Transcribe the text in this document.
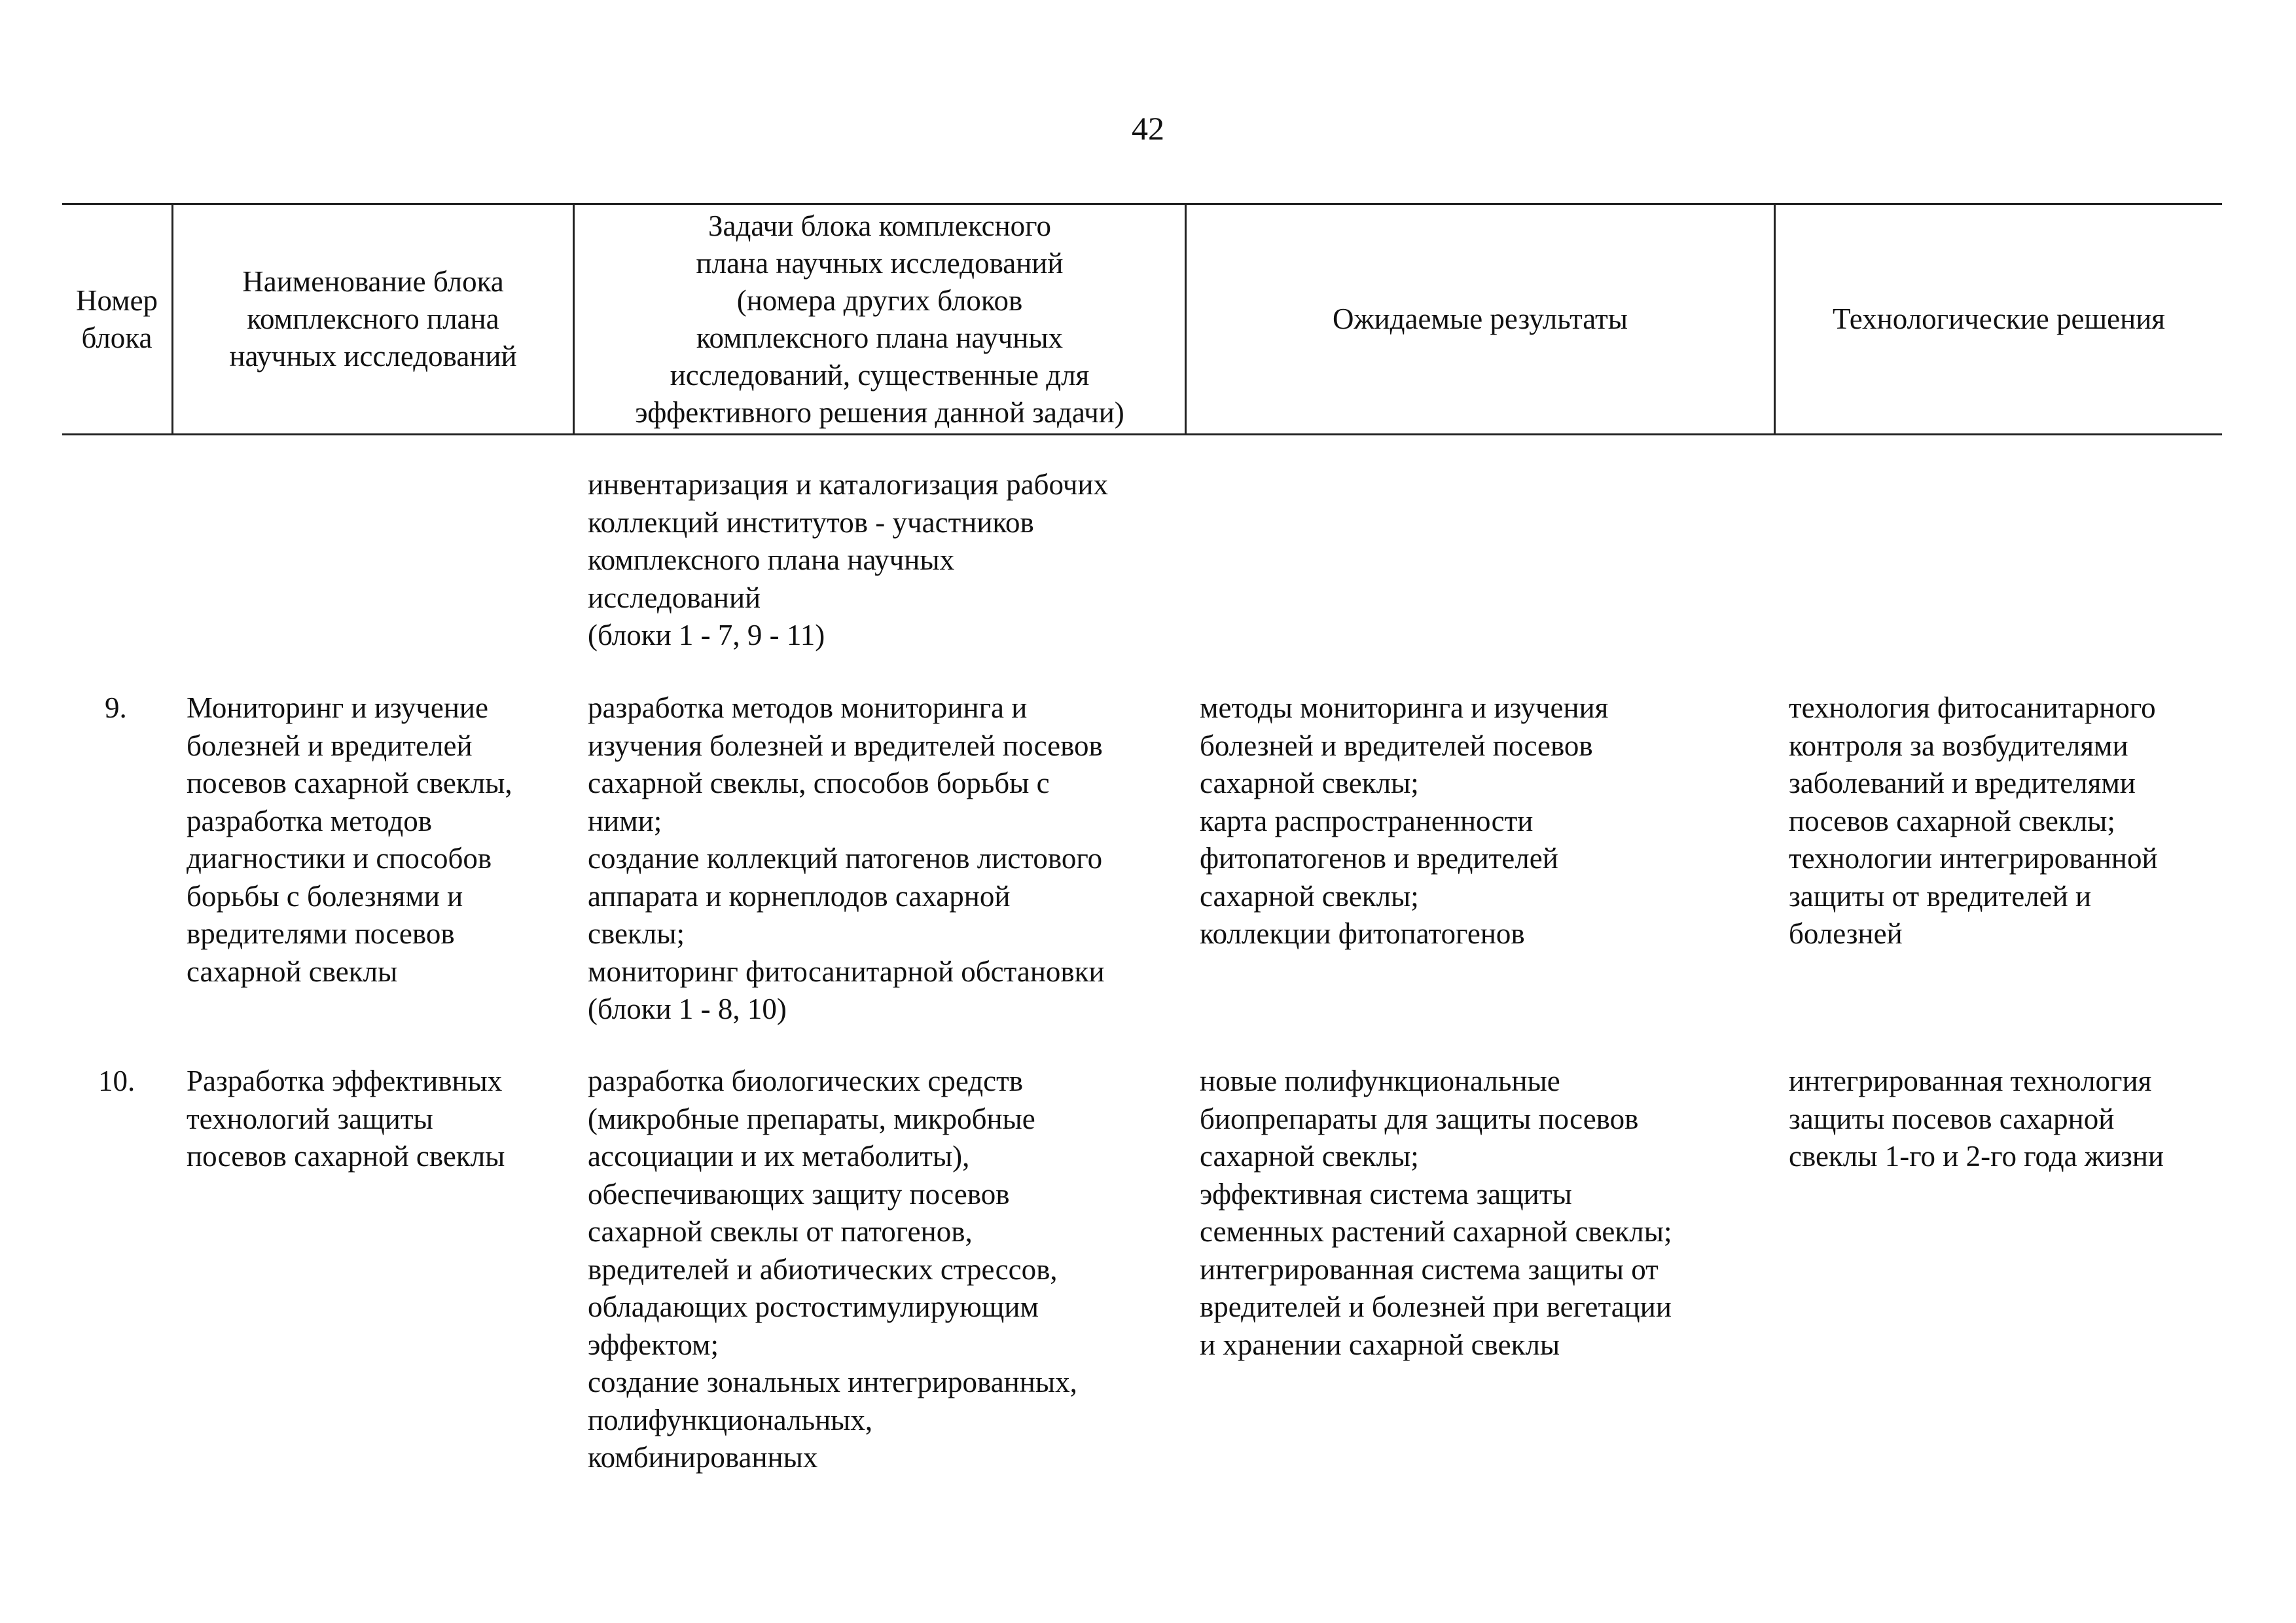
42
Номер
блока
Наименование блока
комплексного плана
научных исследований
Задачи блока комплексного
плана научных исследований
(номера других блоков
комплексного плана научных
исследований, существенные для
эффективного решения данной задачи)
Ожидаемые результаты	Технологические решения
инвентаризация и каталогизация рабочих
коллекций институтов - участников
комплексного плана научных
исследований
(блоки 1 - 7, 9 - 11)
9. Мониторинг и изучение
болезней и вредителей
посевов сахарной свеклы,
разработка методов
диагностики и способов
борьбы с болезнями и
вредителями посевов
сахарной свеклы
разработка методов мониторинга и
изучения болезней и вредителей посевов
сахарной свеклы, способов борьбы с
ними;
создание коллекций патогенов листового
аппарата и корнеплодов сахарной
свеклы;
мониторинг фитосанитарной обстановки
(блоки 1 - 8, 10)
методы мониторинга и изучения
болезней и вредителей посевов
сахарной свеклы;
карта распространенности
фитопатогенов и вредителей
сахарной свеклы;
коллекции фитопатогенов
технология фитосанитарного
контроля за возбудителями
заболеваний и вредителями
посевов сахарной свеклы;
технологии интегрированной
защиты от вредителей и
болезней
10. Разработка эффективных
технологий защиты
посевов сахарной свеклы
разработка биологических средств
(микробные препараты, микробные
ассоциации и их метаболиты),
обеспечивающих защиту посевов
сахарной свеклы от патогенов,
вредителей и абиотических стрессов,
обладающих ростостимулирующим
эффектом;
создание зональных интегрированных,
полифункциональных,
комбинированных
новые полифункциональные
биопрепараты для защиты посевов
сахарной свеклы;
эффективная система защиты
семенных растений сахарной свеклы;
интегрированная система защиты от
вредителей и болезней при вегетации
и хранении сахарной свеклы
интегрированная технология
защиты посевов сахарной
свеклы 1-го и 2-го года жизни
